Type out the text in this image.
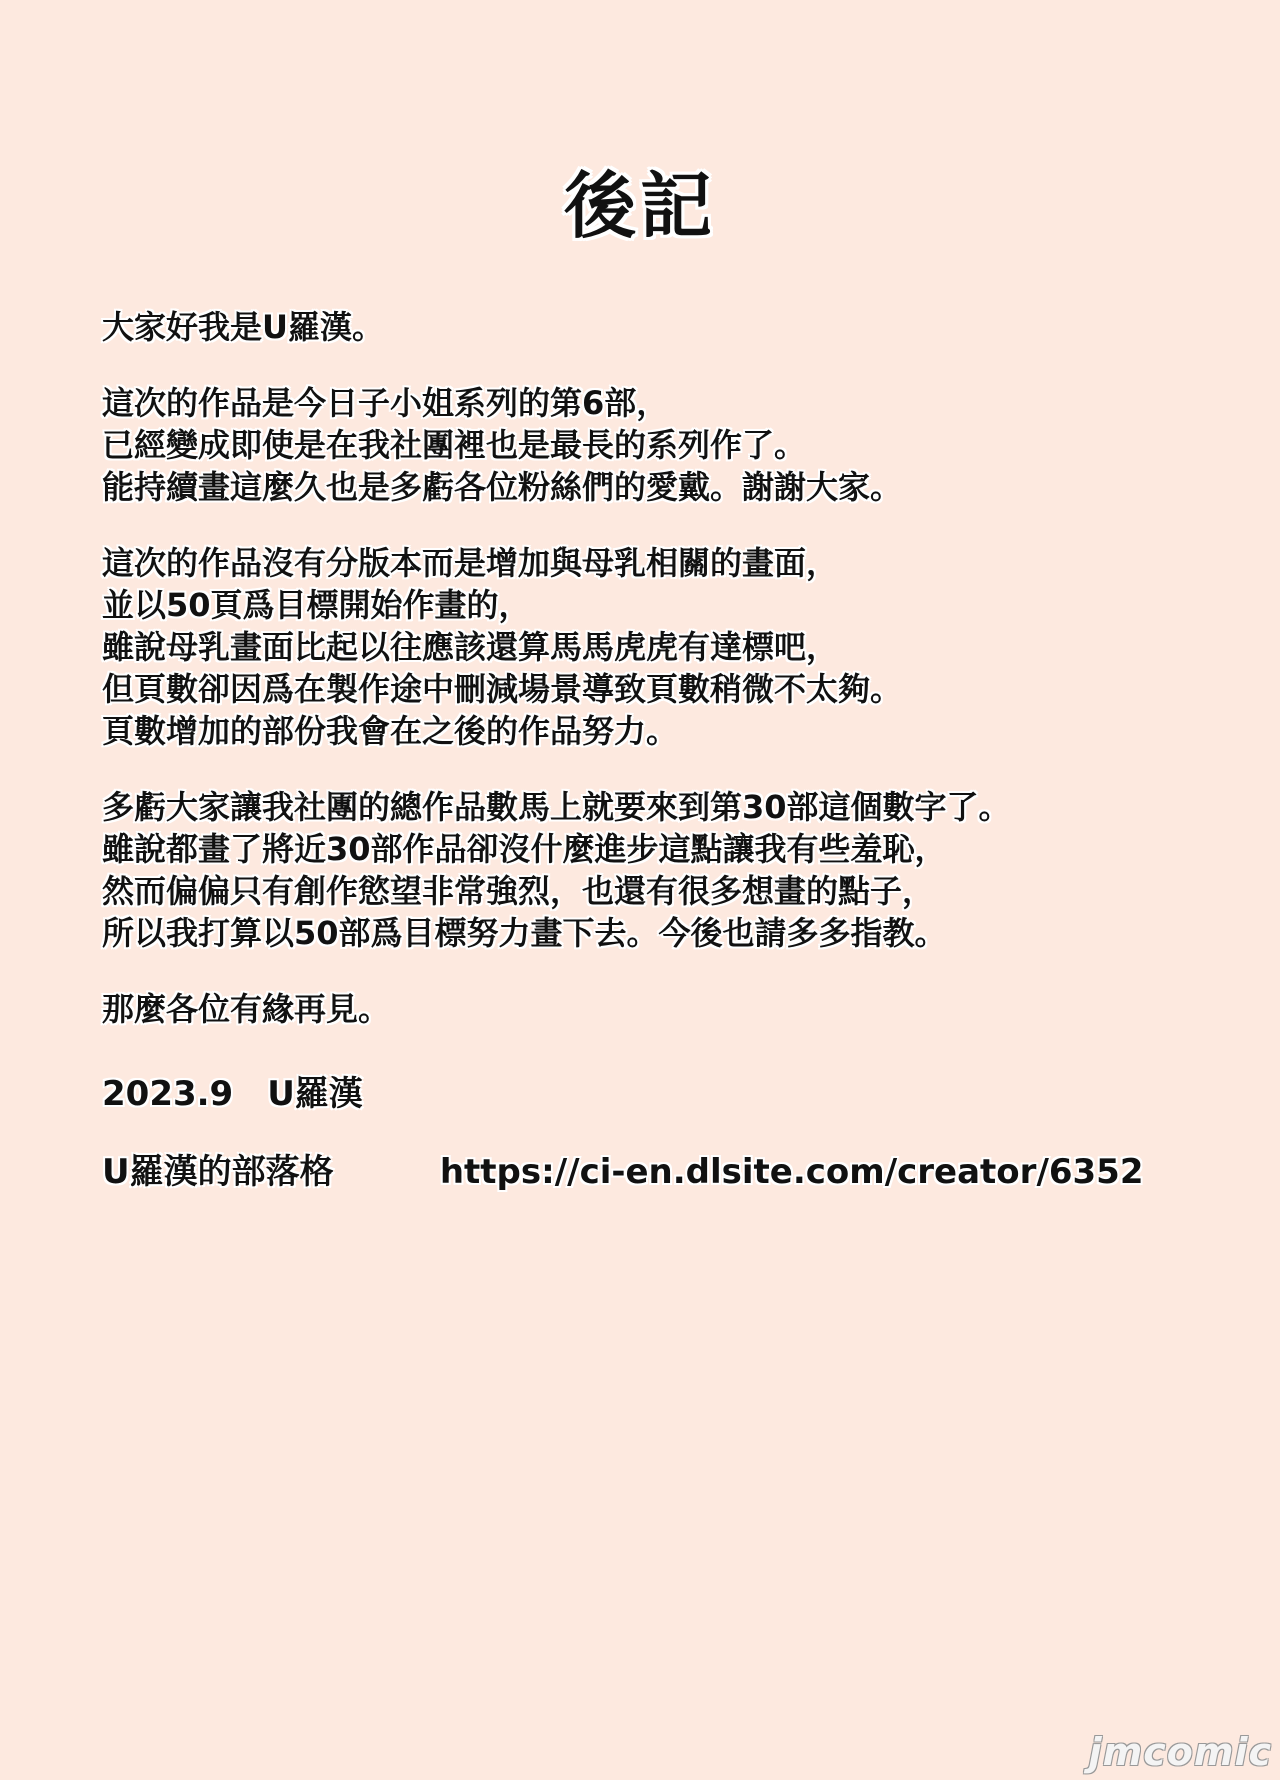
後記
大家好我是U羅漢。
這次的作品是今日子小姐系列的第6部，
已經變成即使是在我社團裡也是最長的系列作了。
能持續畫這麼久也是多虧各位粉絲們的愛戴。謝謝大家。
這次的作品沒有分版本而是增加與母乳相關的畫面，
並以50頁爲目標開始作畫的，
雖說母乳畫面比起以往應該還算馬馬虎虎有達標吧，
但頁數卻因爲在製作途中刪減場景導致頁數稍微不太夠。
頁數增加的部份我會在之後的作品努力。
多虧大家讓我社團的總作品數馬上就要來到第30部這個數字了。
雖說都畫了將近30部作品卻沒什麼進步這點讓我有些羞恥，
然而偏偏只有創作慾望非常強烈，也還有很多想畫的點子，
所以我打算以50部爲目標努力畫下去。今後也請多多指教。
那麼各位有緣再見。
2023.9　U羅漢
U羅漢的部落格	https://ci-en.dlsite.com/creator/6352
jmcomic
